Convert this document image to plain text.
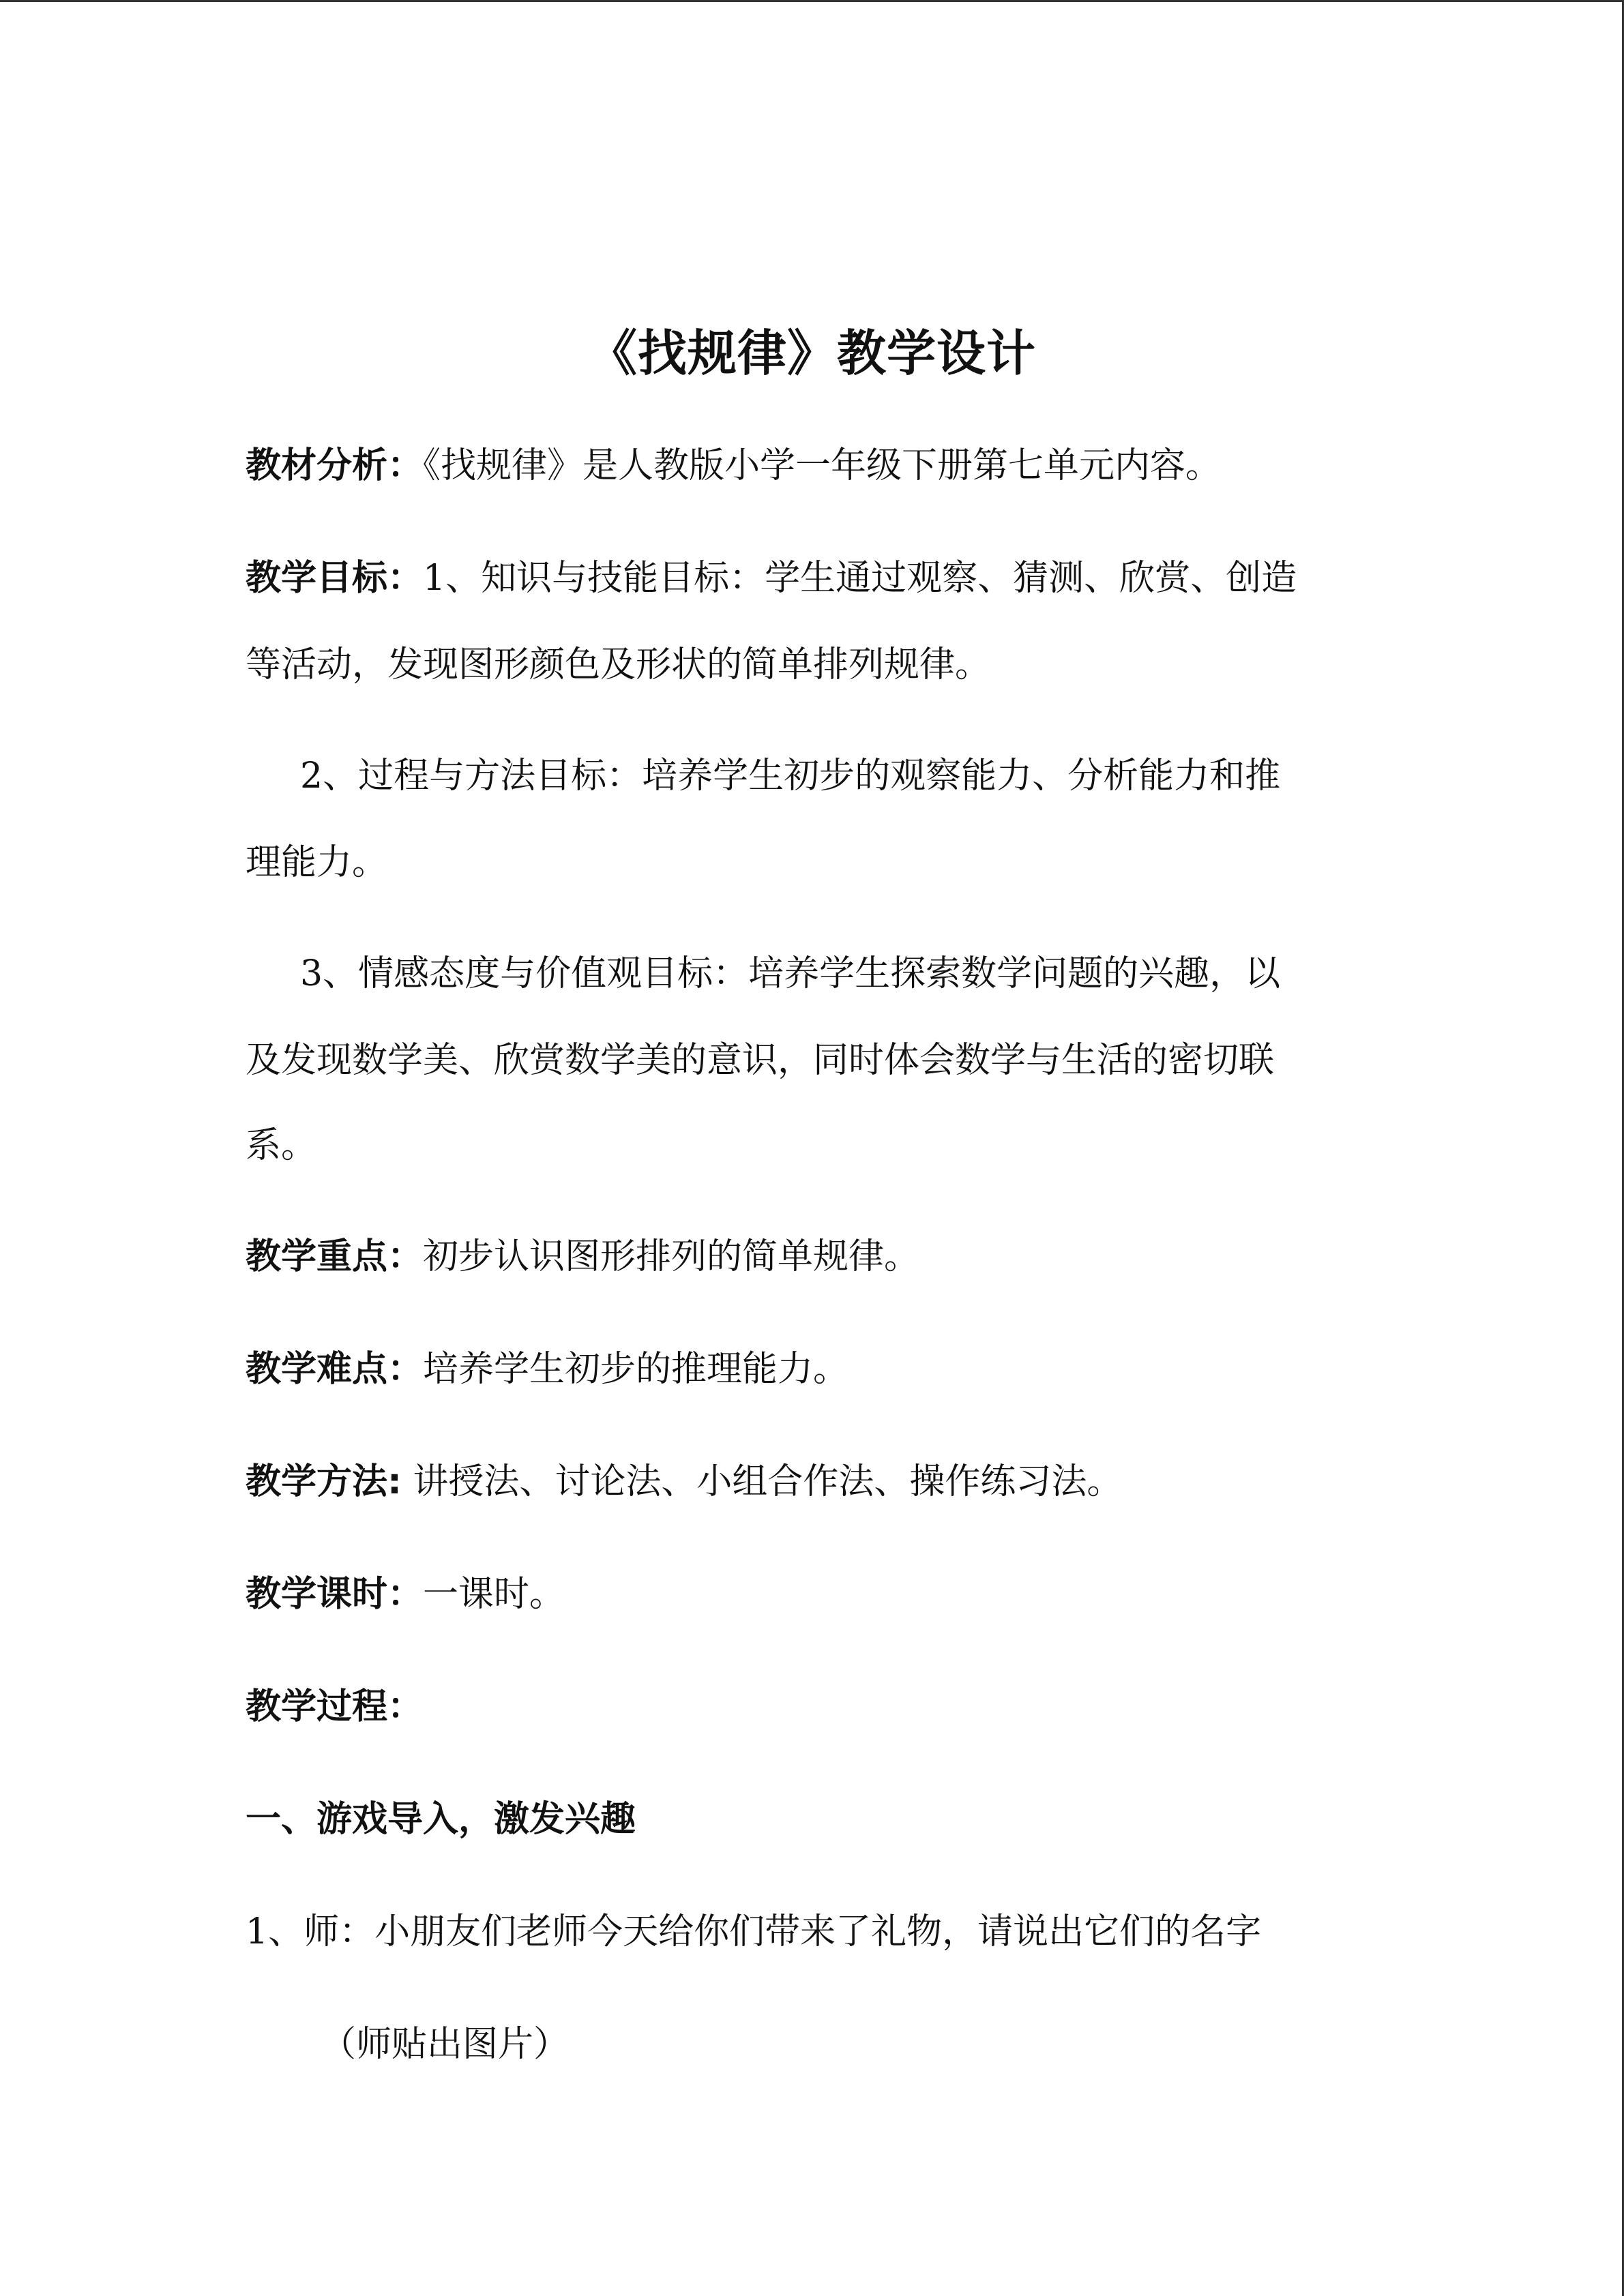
《找规律》教学设计
教材分析：《找规律》是人教版小学一年级下册第七单元内容。
教学目标：1、知识与技能目标：学生通过观察、猜测、欣赏、创造
等活动，发现图形颜色及形状的简单排列规律。
2、过程与方法目标：培养学生初步的观察能力、分析能力和推
理能力。
3、情感态度与价值观目标：培养学生探索数学问题的兴趣，以
及发现数学美、欣赏数学美的意识，同时体会数学与生活的密切联
系。
教学重点：初步认识图形排列的简单规律。
教学难点：培养学生初步的推理能力。
教学方法: 讲授法、讨论法、小组合作法、操作练习法。
教学课时：一课时。
教学过程：
一、游戏导入，激发兴趣
1、师：小朋友们老师今天给你们带来了礼物，请说出它们的名字
（师贴出图片）
